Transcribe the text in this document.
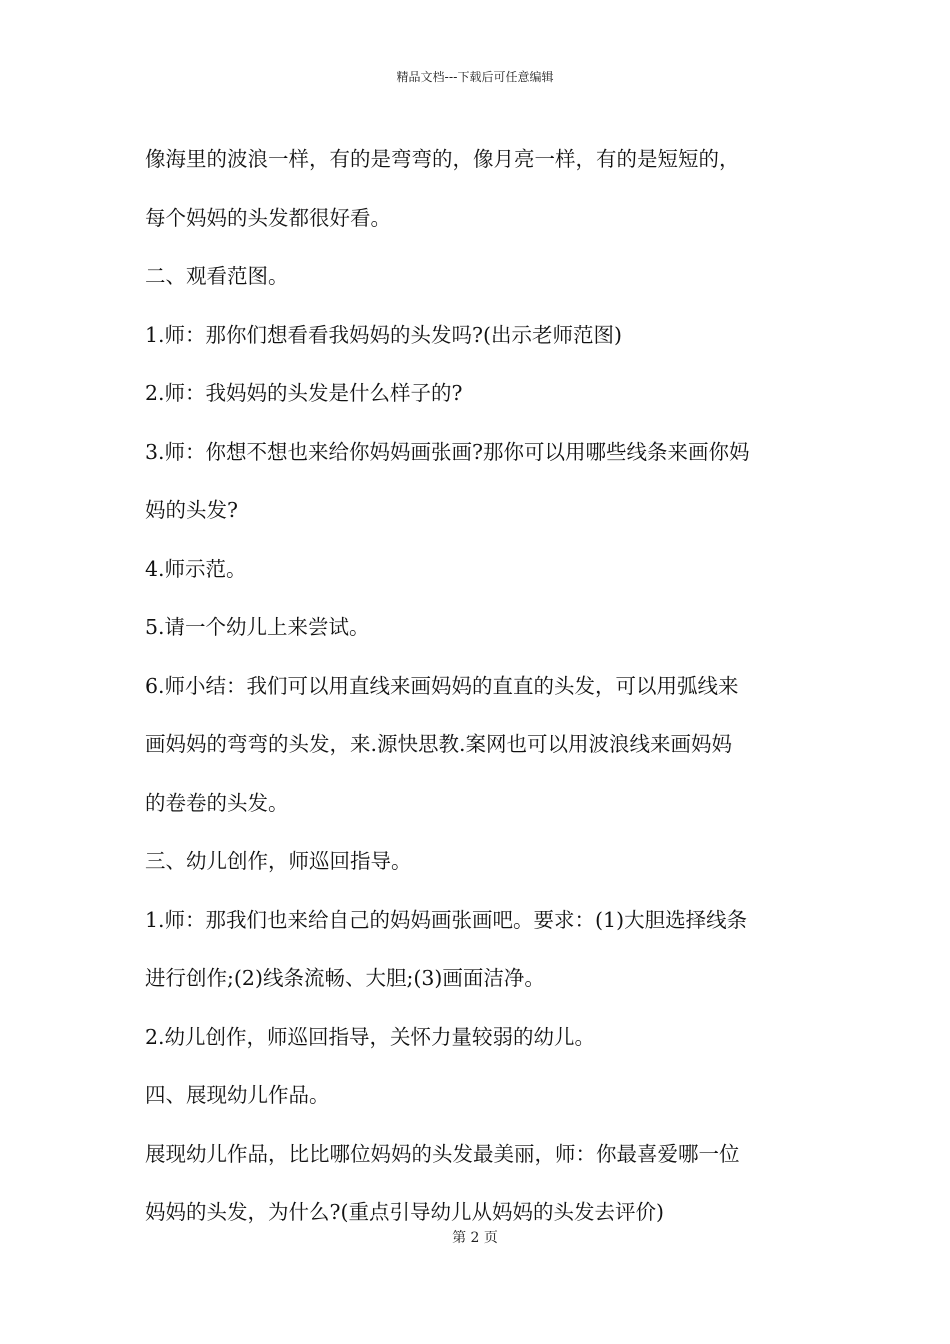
精品文档---下载后可任意编辑
像海里的波浪一样，有的是弯弯的，像月亮一样，有的是短短的，
每个妈妈的头发都很好看。
二、观看范图。
1.师：那你们想看看我妈妈的头发吗?(出示老师范图)
2.师：我妈妈的头发是什么样子的?
3.师：你想不想也来给你妈妈画张画?那你可以用哪些线条来画你妈
妈的头发?
4.师示范。
5.请一个幼儿上来尝试。
6.师小结：我们可以用直线来画妈妈的直直的头发，可以用弧线来
画妈妈的弯弯的头发，来.源快思教.案网也可以用波浪线来画妈妈
的卷卷的头发。
三、幼儿创作，师巡回指导。
1.师：那我们也来给自己的妈妈画张画吧。要求：(1)大胆选择线条
进行创作;(2)线条流畅、大胆;(3)画面洁净。
2.幼儿创作，师巡回指导，关怀力量较弱的幼儿。
四、展现幼儿作品。
展现幼儿作品，比比哪位妈妈的头发最美丽，师：你最喜爱哪一位
妈妈的头发，为什么?(重点引导幼儿从妈妈的头发去评价)
第 2 页
